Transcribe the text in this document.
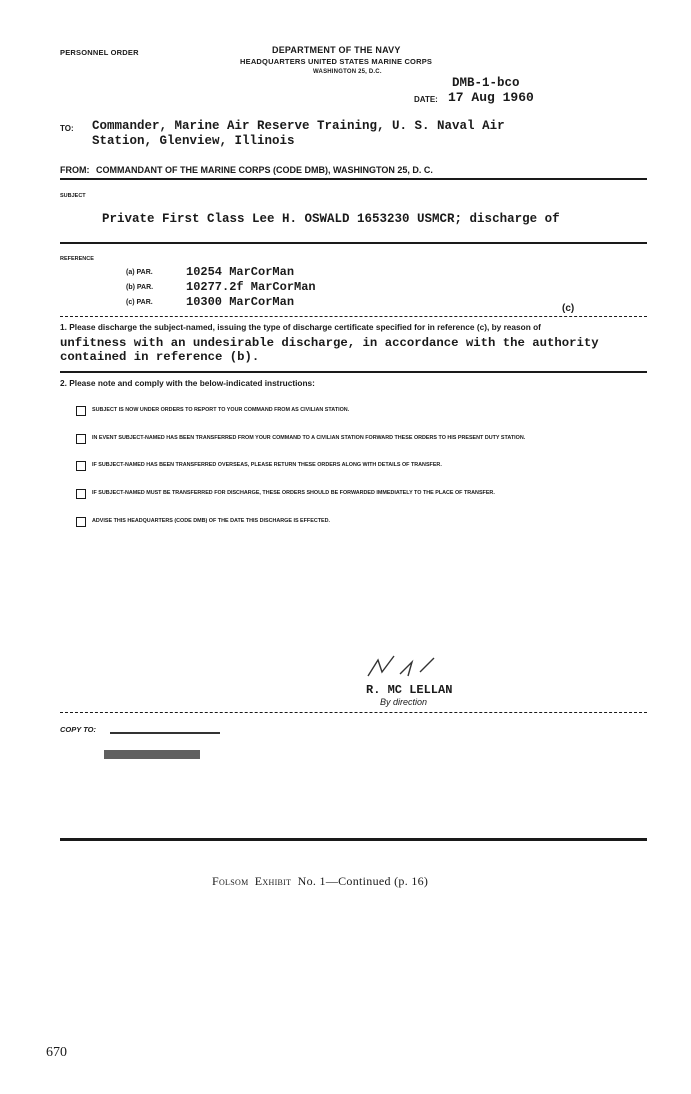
PERSONNEL ORDER	DEPARTMENT OF THE NAVY
HEADQUARTERS UNITED STATES MARINE CORPS
WASHINGTON 25, D.C.
DMB-1-bco
DATE: 17 Aug 1960
TO: Commander, Marine Air Reserve Training, U. S. Naval Air
Station, Glenview, Illinois
FROM: COMMANDANT OF THE MARINE CORPS (CODE DMB), WASHINGTON 25, D. C.
SUBJECT
Private First Class Lee H. OSWALD 1653230 USMCR; discharge of
REFERENCE
(a) PAR.	10254 MarCorMan
(b) PAR.	10277.2f MarCorMan
(c) PAR.	10300 MarCorMan	(c)
1. Please discharge the subject-named, issuing the type of discharge certificate specified for in reference (c), by reason of
unfitness with an undesirable discharge, in accordance with the authority
contained in reference (b).
2. Please note and comply with the below-indicated instructions:
SUBJECT IS NOW UNDER ORDERS TO REPORT TO YOUR COMMAND FROM AS CIVILIAN STATION.
IN EVENT SUBJECT-NAMED HAS BEEN TRANSFERRED FROM YOUR COMMAND TO A CIVILIAN STATION FORWARD THESE ORDERS TO HIS PRESENT DUTY STATION.
IF SUBJECT-NAMED HAS BEEN TRANSFERRED OVERSEAS, PLEASE RETURN THESE ORDERS ALONG WITH DETAILS OF TRANSFER.
IF SUBJECT-NAMED MUST BE TRANSFERRED FOR DISCHARGE, THESE ORDERS SHOULD BE FORWARDED IMMEDIATELY TO THE PLACE OF TRANSFER.
ADVISE THIS HEADQUARTERS (CODE DMB) OF THE DATE THIS DISCHARGE IS EFFECTED.
R. MC LELLAN
By direction
COPY TO:
Folsom Exhibit No. 1—Continued (p. 16)
670
